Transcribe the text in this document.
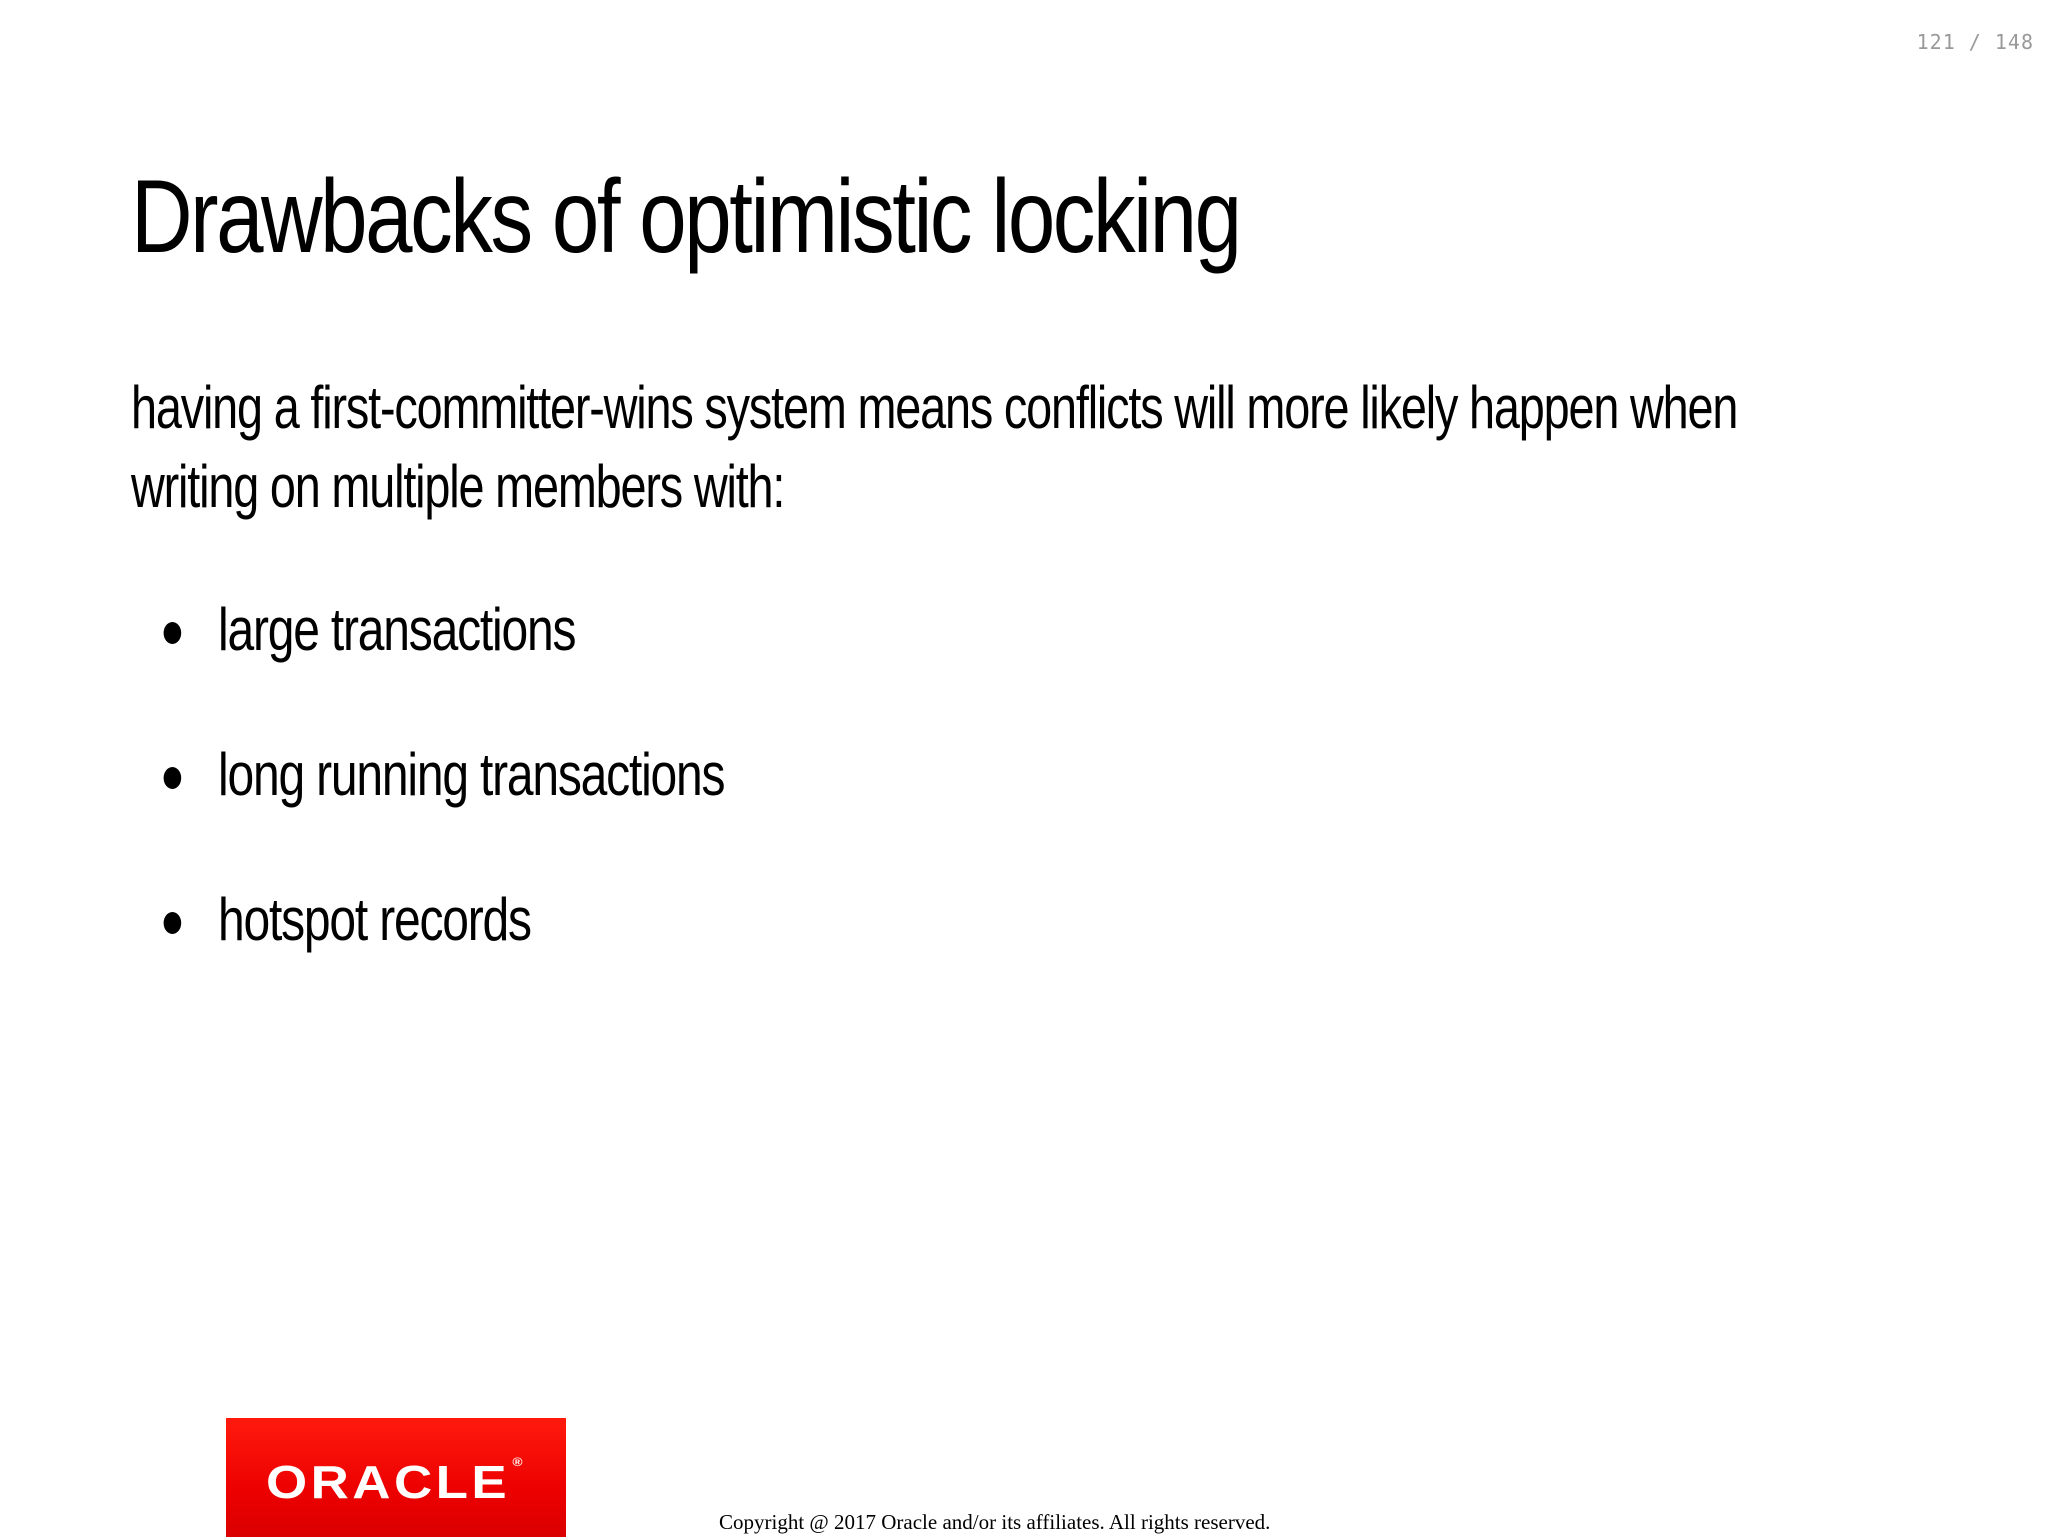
121 / 148
Drawbacks of optimistic locking

having a first-committer-wins system means conflicts will more likely happen when writing on multiple members with:

large transactions
long running transactions
hotspot records
ORACLE ®
Copyright @ 2017 Oracle and/or its affiliates. All rights reserved.
